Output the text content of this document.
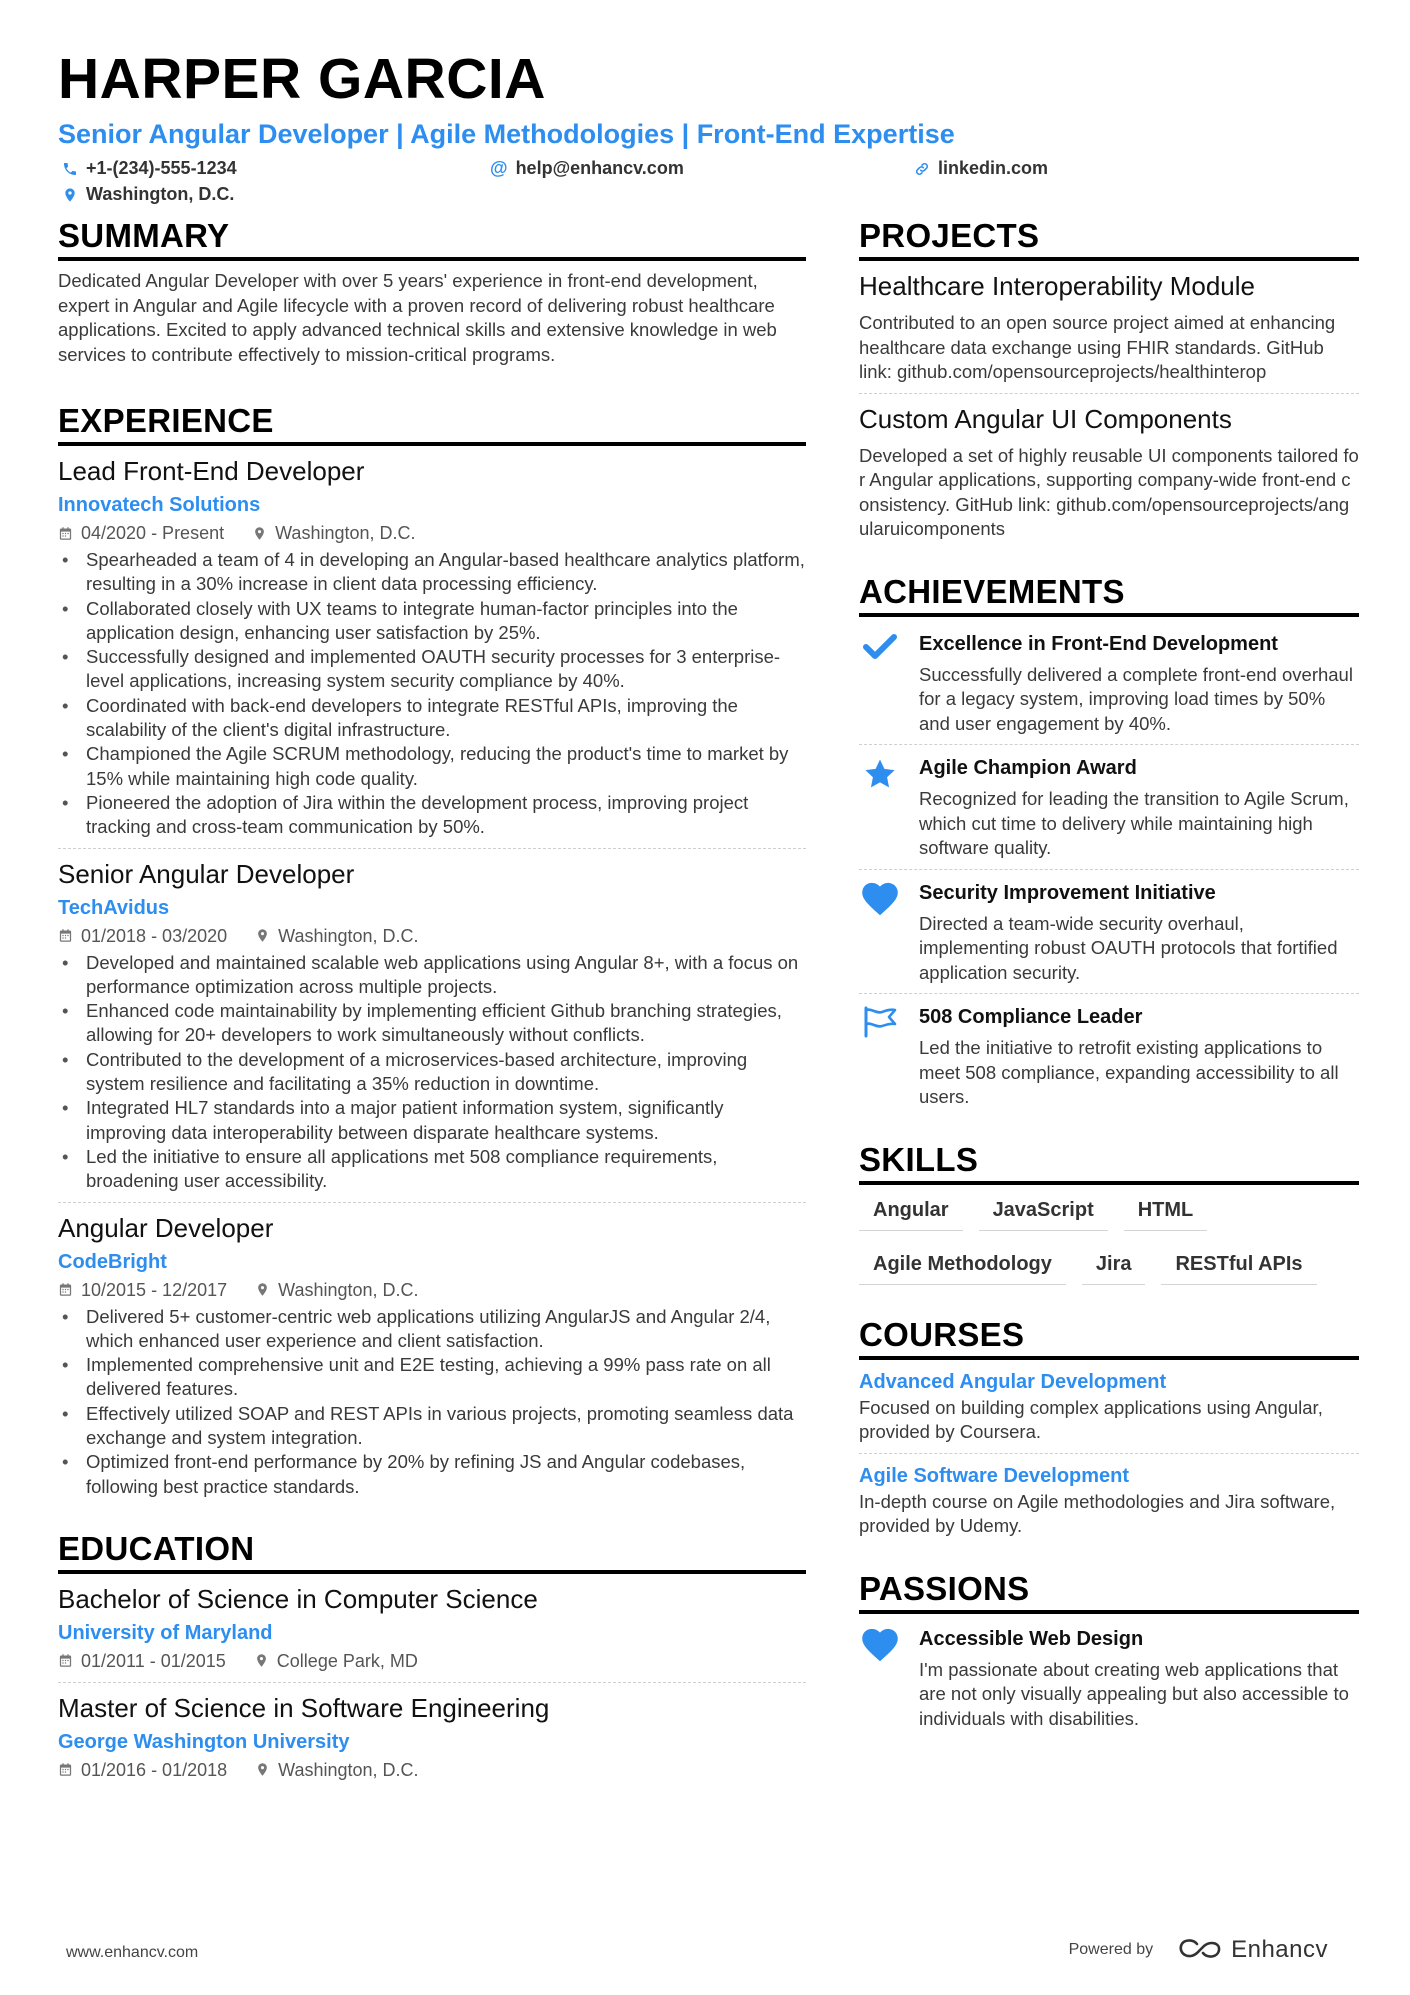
HARPER GARCIA
Senior Angular Developer | Agile Methodologies | Front-End Expertise
+1-(234)-555-1234	@ help@enhancv.com	linkedin.com
Washington, D.C.
SUMMARY
Dedicated Angular Developer with over 5 years' experience in front-end development, expert in Angular and Agile lifecycle with a proven record of delivering robust healthcare applications. Excited to apply advanced technical skills and extensive knowledge in web services to contribute effectively to mission-critical programs.
EXPERIENCE
Lead Front-End Developer
Innovatech Solutions
04/2020 - Present	Washington, D.C.
• Spearheaded a team of 4 in developing an Angular-based healthcare analytics platform, resulting in a 30% increase in client data processing efficiency.
• Collaborated closely with UX teams to integrate human-factor principles into the application design, enhancing user satisfaction by 25%.
• Successfully designed and implemented OAUTH security processes for 3 enterprise-level applications, increasing system security compliance by 40%.
• Coordinated with back-end developers to integrate RESTful APIs, improving the scalability of the client's digital infrastructure.
• Championed the Agile SCRUM methodology, reducing the product's time to market by 15% while maintaining high code quality.
• Pioneered the adoption of Jira within the development process, improving project tracking and cross-team communication by 50%.
Senior Angular Developer
TechAvidus
01/2018 - 03/2020	Washington, D.C.
• Developed and maintained scalable web applications using Angular 8+, with a focus on performance optimization across multiple projects.
• Enhanced code maintainability by implementing efficient Github branching strategies, allowing for 20+ developers to work simultaneously without conflicts.
• Contributed to the development of a microservices-based architecture, improving system resilience and facilitating a 35% reduction in downtime.
• Integrated HL7 standards into a major patient information system, significantly improving data interoperability between disparate healthcare systems.
• Led the initiative to ensure all applications met 508 compliance requirements, broadening user accessibility.
Angular Developer
CodeBright
10/2015 - 12/2017	Washington, D.C.
• Delivered 5+ customer-centric web applications utilizing AngularJS and Angular 2/4, which enhanced user experience and client satisfaction.
• Implemented comprehensive unit and E2E testing, achieving a 99% pass rate on all delivered features.
• Effectively utilized SOAP and REST APIs in various projects, promoting seamless data exchange and system integration.
• Optimized front-end performance by 20% by refining JS and Angular codebases, following best practice standards.
EDUCATION
Bachelor of Science in Computer Science
University of Maryland
01/2011 - 01/2015	College Park, MD
Master of Science in Software Engineering
George Washington University
01/2016 - 01/2018	Washington, D.C.
PROJECTS
Healthcare Interoperability Module
Contributed to an open source project aimed at enhancing healthcare data exchange using FHIR standards. GitHub link: github.com/opensourceprojects/healthinterop
Custom Angular UI Components
Developed a set of highly reusable UI components tailored for Angular applications, supporting company-wide front-end consistency. GitHub link: github.com/opensourceprojects/angularuicomponents
ACHIEVEMENTS
Excellence in Front-End Development
Successfully delivered a complete front-end overhaul for a legacy system, improving load times by 50% and user engagement by 40%.
Agile Champion Award
Recognized for leading the transition to Agile Scrum, which cut time to delivery while maintaining high software quality.
Security Improvement Initiative
Directed a team-wide security overhaul, implementing robust OAUTH protocols that fortified application security.
508 Compliance Leader
Led the initiative to retrofit existing applications to meet 508 compliance, expanding accessibility to all users.
SKILLS
Angular	JavaScript	HTML
Agile Methodology	Jira	RESTful APIs
COURSES
Advanced Angular Development
Focused on building complex applications using Angular, provided by Coursera.
Agile Software Development
In-depth course on Agile methodologies and Jira software, provided by Udemy.
PASSIONS
Accessible Web Design
I'm passionate about creating web applications that are not only visually appealing but also accessible to individuals with disabilities.
www.enhancv.com	Powered by	Enhancv
